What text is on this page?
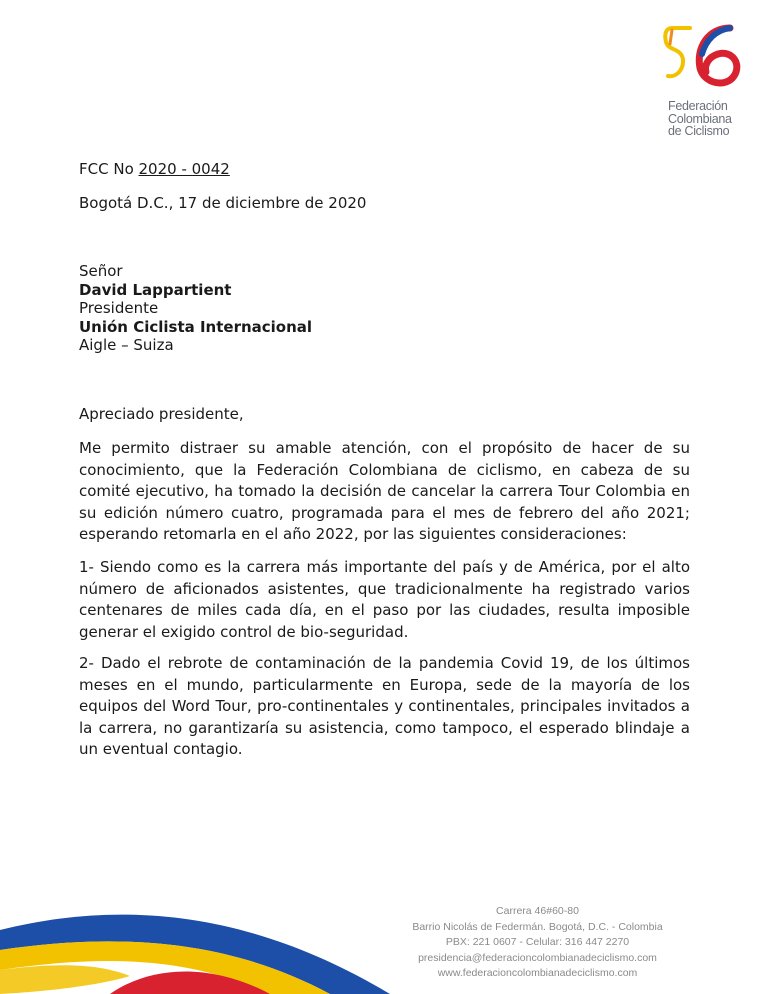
Federación
Colombiana
de Ciclismo
FCC No 2020 - 0042
Bogotá D.C., 17 de diciembre de 2020
Señor
David Lappartient
Presidente
Unión Ciclista Internacional
Aigle – Suiza
Apreciado presidente,

Me permito distraer su amable atención, con el propósito de hacer de su conocimiento, que la Federación Colombiana de ciclismo, en cabeza de su comité ejecutivo, ha tomado la decisión de cancelar la carrera Tour Colombia en su edición número cuatro, programada para el mes de febrero del año 2021; esperando retomarla en el año 2022, por las siguientes consideraciones:

1- Siendo como es la carrera más importante del país y de América, por el alto número de aficionados asistentes, que tradicionalmente ha registrado varios centenares de miles cada día, en el paso por las ciudades, resulta imposible generar el exigido control de bio-seguridad.

2- Dado el rebrote de contaminación de la pandemia Covid 19, de los últimos meses en el mundo, particularmente en Europa, sede de la mayoría de los equipos del Word Tour, pro-continentales y continentales, principales invitados a la carrera, no garantizaría su asistencia, como tampoco, el esperado blindaje a un eventual contagio.

Carrera 46#60-80
Barrio Nicolás de Federmán. Bogotá, D.C. - Colombia
PBX: 221 0607 - Celular: 316 447 2270
presidencia@federacioncolombianadeciclismo.com
www.federacioncolombianadeciclismo.com
